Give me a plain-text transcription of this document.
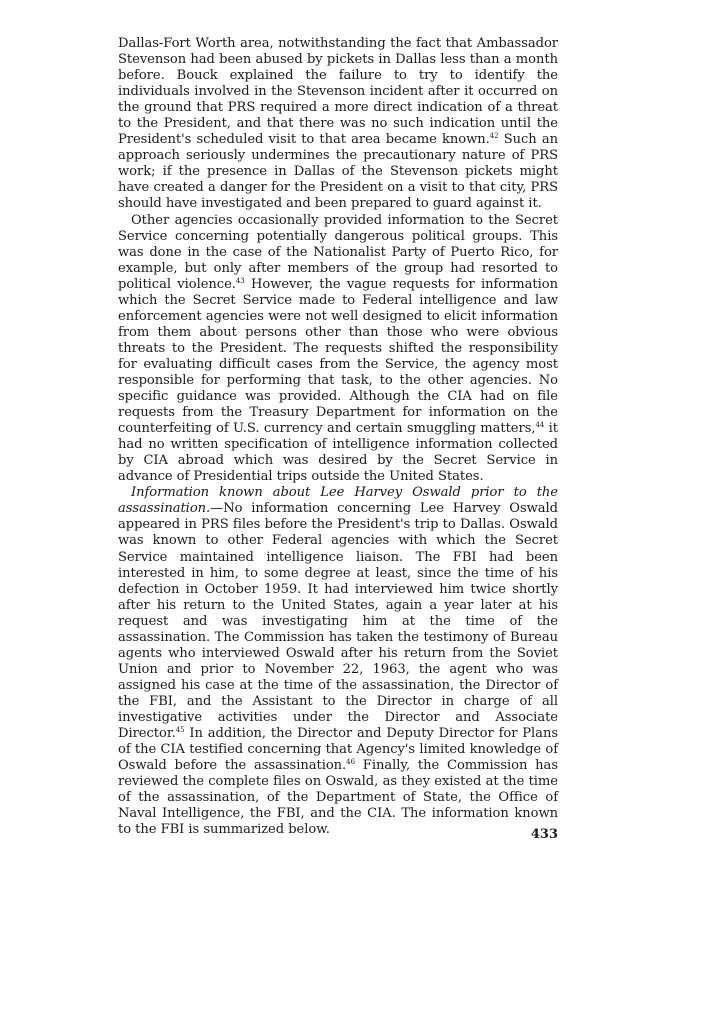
Dallas-Fort Worth area, notwithstanding the fact that Ambassador Stevenson had been abused by pickets in Dallas less than a month before. Bouck explained the failure to try to identify the individuals involved in the Stevenson incident after it occurred on the ground that PRS required a more direct indication of a threat to the President, and that there was no such indication until the President's scheduled visit to that area became known.$^{42}$ Such an approach seriously undermines the precautionary nature of PRS work; if the presence in Dallas of the Stevenson pickets might have created a danger for the President on a visit to that city, PRS should have investigated and been prepared to guard against it.

Other agencies occasionally provided information to the Secret Service concerning potentially dangerous political groups. This was done in the case of the Nationalist Party of Puerto Rico, for example, but only after members of the group had resorted to political violence.$^{43}$ However, the vague requests for information which the Secret Service made to Federal intelligence and law enforcement agencies were not well designed to elicit information from them about persons other than those who were obvious threats to the President. The requests shifted the responsibility for evaluating difficult cases from the Service, the agency most responsible for performing that task, to the other agencies. No specific guidance was provided. Although the CIA had on file requests from the Treasury Department for information on the counterfeiting of U.S. currency and certain smuggling matters,$^{44}$ it had no written specification of intelligence information collected by CIA abroad which was desired by the Secret Service in advance of Presidential trips outside the United States.

Information known about Lee Harvey Oswald prior to the assassination.—No information concerning Lee Harvey Oswald appeared in PRS files before the President's trip to Dallas. Oswald was known to other Federal agencies with which the Secret Service maintained intelligence liaison. The FBI had been interested in him, to some degree at least, since the time of his defection in October 1959. It had interviewed him twice shortly after his return to the United States, again a year later at his request and was investigating him at the time of the assassination. The Commission has taken the testimony of Bureau agents who interviewed Oswald after his return from the Soviet Union and prior to November 22, 1963, the agent who was assigned his case at the time of the assassination, the Director of the FBI, and the Assistant to the Director in charge of all investigative activities under the Director and Associate Director.$^{45}$ In addition, the Director and Deputy Director for Plans of the CIA testified concerning that Agency's limited knowledge of Oswald before the assassination.$^{46}$ Finally, the Commission has reviewed the complete files on Oswald, as they existed at the time of the assassination, of the Department of State, the Office of Naval Intelligence, the FBI, and the CIA. The information known to the FBI is summarized below.	433
